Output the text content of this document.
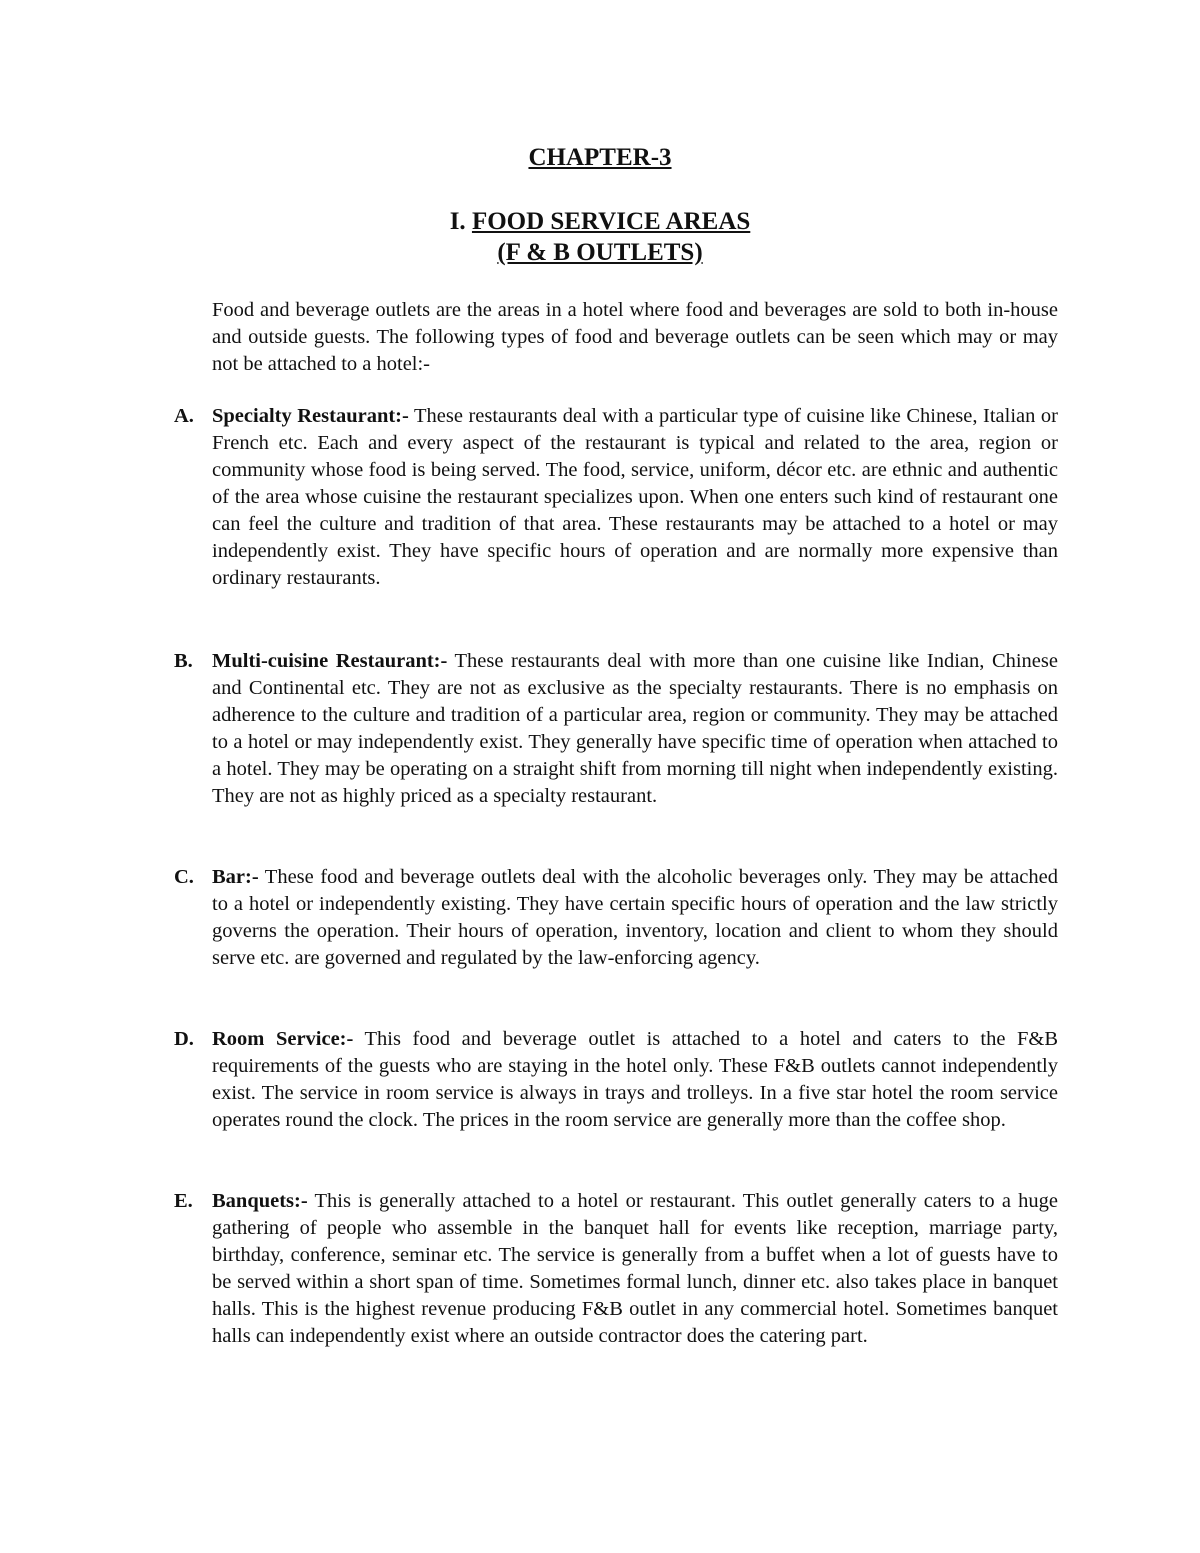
CHAPTER-3
I. FOOD SERVICE AREAS
(F & B OUTLETS)

Food and beverage outlets are the areas in a hotel where food and beverages are sold to both in-house and outside guests. The following types of food and beverage outlets can be seen which may or may not be attached to a hotel:-

A. Specialty Restaurant:- These restaurants deal with a particular type of cuisine like Chinese, Italian or French etc. Each and every aspect of the restaurant is typical and related to the area, region or community whose food is being served. The food, service, uniform, décor etc. are ethnic and authentic of the area whose cuisine the restaurant specializes upon. When one enters such kind of restaurant one can feel the culture and tradition of that area. These restaurants may be attached to a hotel or may independently exist. They have specific hours of operation and are normally more expensive than ordinary restaurants.
B. Multi-cuisine Restaurant:- These restaurants deal with more than one cuisine like Indian, Chinese and Continental etc. They are not as exclusive as the specialty restaurants. There is no emphasis on adherence to the culture and tradition of a particular area, region or community. They may be attached to a hotel or may independently exist. They generally have specific time of operation when attached to a hotel. They may be operating on a straight shift from morning till night when independently existing. They are not as highly priced as a specialty restaurant.
C. Bar:- These food and beverage outlets deal with the alcoholic beverages only. They may be attached to a hotel or independently existing. They have certain specific hours of operation and the law strictly governs the operation. Their hours of operation, inventory, location and client to whom they should serve etc. are governed and regulated by the law-enforcing agency.
D. Room Service:- This food and beverage outlet is attached to a hotel and caters to the F&B requirements of the guests who are staying in the hotel only. These F&B outlets cannot independently exist. The service in room service is always in trays and trolleys. In a five star hotel the room service operates round the clock. The prices in the room service are generally more than the coffee shop.
E. Banquets:- This is generally attached to a hotel or restaurant. This outlet generally caters to a huge gathering of people who assemble in the banquet hall for events like reception, marriage party, birthday, conference, seminar etc. The service is generally from a buffet when a lot of guests have to be served within a short span of time. Sometimes formal lunch, dinner etc. also takes place in banquet halls. This is the highest revenue producing F&B outlet in any commercial hotel. Sometimes banquet halls can independently exist where an outside contractor does the catering part.
